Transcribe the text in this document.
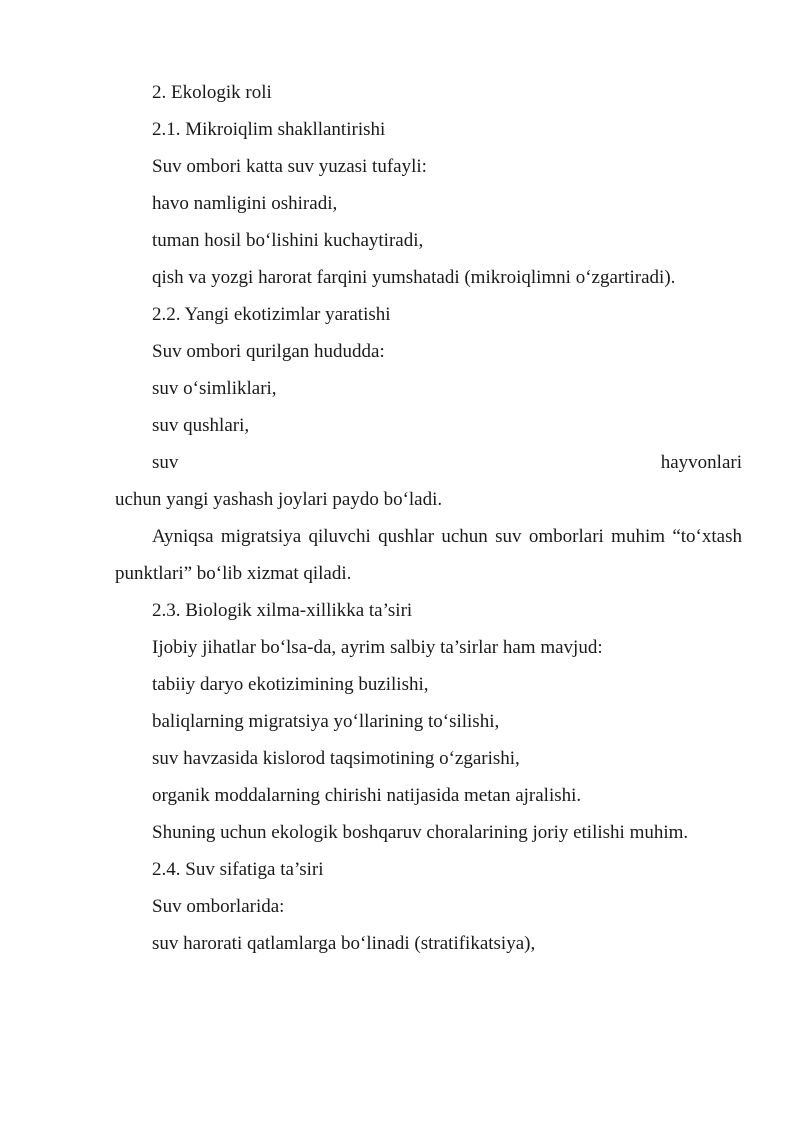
2. Ekologik roli

2.1. Mikroiqlim shakllantirishi

Suv ombori katta suv yuzasi tufayli:

havo namligini oshiradi,

tuman hosil bo‘lishini kuchaytiradi,

qish va yozgi harorat farqini yumshatadi (mikroiqlimni o‘zgartiradi).

2.2. Yangi ekotizimlar yaratishi

Suv ombori qurilgan hududda:

suv o‘simliklari,

suv qushlari,

suv	hayvonlari

uchun yangi yashash joylari paydo bo‘ladi.

Ayniqsa migratsiya qiluvchi qushlar uchun suv omborlari muhim “to‘xtash punktlari” bo‘lib xizmat qiladi.

2.3. Biologik xilma-xillikka ta’siri

Ijobiy jihatlar bo‘lsa-da, ayrim salbiy ta’sirlar ham mavjud:

tabiiy daryo ekotizimining buzilishi,

baliqlarning migratsiya yo‘llarining to‘silishi,

suv havzasida kislorod taqsimotining o‘zgarishi,

organik moddalarning chirishi natijasida metan ajralishi.

Shuning uchun ekologik boshqaruv choralarining joriy etilishi muhim.

2.4. Suv sifatiga ta’siri

Suv omborlarida:

suv harorati qatlamlarga bo‘linadi (stratifikatsiya),
